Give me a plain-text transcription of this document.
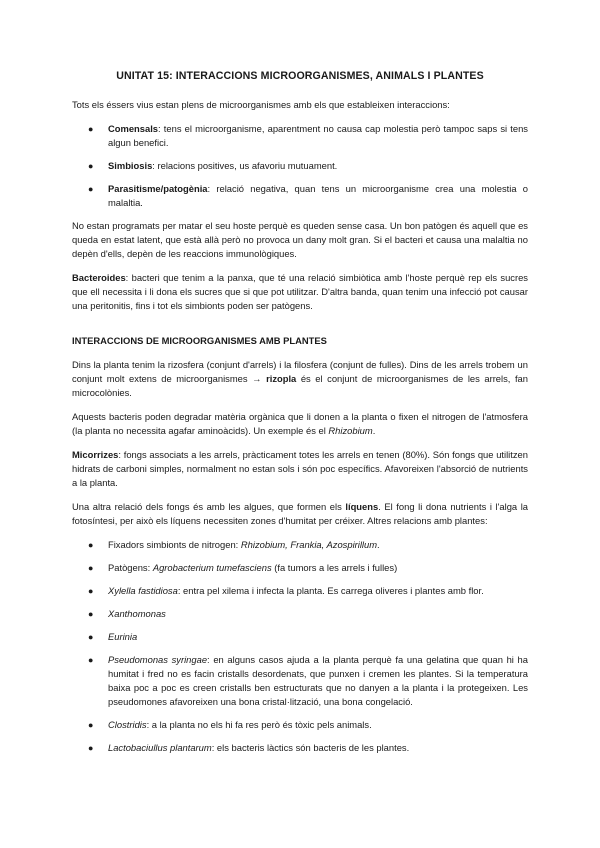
UNITAT 15: INTERACCIONS MICROORGANISMES, ANIMALS I PLANTES

Tots els éssers vius estan plens de microorganismes amb els que estableixen interaccions:

● Comensals: tens el microorganisme, aparentment no causa cap molestia però tampoc saps si tens algun benefici.
● Simbiosis: relacions positives, us afavoriu mutuament.
● Parasitisme/patogènia: relació negativa, quan tens un microorganisme crea una molestia o malaltia.

No estan programats per matar el seu hoste perquè es queden sense casa. Un bon patògen és aquell que es queda en estat latent, que està allà però no provoca un dany molt gran. Si el bacteri et causa una malaltia no depèn d'ells, depèn de les reaccions immunològiques.

Bacteroides: bacteri que tenim a la panxa, que té una relació simbiòtica amb l'hoste perquè rep els sucres que ell necessita i li dona els sucres que si que pot utilitzar. D'altra banda, quan tenim una infecció pot causar una peritonitis, fins i tot els simbionts poden ser patògens.

INTERACCIONS DE MICROORGANISMES AMB PLANTES

Dins la planta tenim la rizosfera (conjunt d'arrels) i la filosfera (conjunt de fulles). Dins de les arrels trobem un conjunt molt extens de microorganismes → rizopla és el conjunt de microorganismes de les arrels, fan microcolònies.

Aquests bacteris poden degradar matèria orgànica que li donen a la planta o fixen el nitrogen de l'atmosfera (la planta no necessita agafar aminoàcids). Un exemple és el Rhizobium.

Micorrizes: fongs associats a les arrels, pràcticament totes les arrels en tenen (80%). Són fongs que utilitzen hidrats de carboni simples, normalment no estan sols i són poc específics. Afavoreixen l'absorció de nutrients a la planta.

Una altra relació dels fongs és amb les algues, que formen els líquens. El fong li dona nutrients i l'alga la fotosíntesi, per això els líquens necessiten zones d'humitat per créixer. Altres relacions amb plantes:

● Fixadors simbionts de nitrogen: Rhizobium, Frankia, Azospirillum.
● Patògens: Agrobacterium tumefasciens (fa tumors a les arrels i fulles)
● Xylella fastidiosa: entra pel xilema i infecta la planta. Es carrega oliveres i plantes amb flor.
● Xanthomonas
● Eurinia
● Pseudomonas syringae: en alguns casos ajuda a la planta perquè fa una gelatina que quan hi ha humitat i fred no es facin cristalls desordenats, que punxen i cremen les plantes. Si la temperatura baixa poc a poc es creen cristalls ben estructurats que no danyen a la planta i la protegeixen. Les pseudomones afavoreixen una bona cristal·lització, una bona congelació.
● Clostridis: a la planta no els hi fa res però és tòxic pels animals.
● Lactobaciullus plantarum: els bacteris làctics són bacteris de les plantes.
